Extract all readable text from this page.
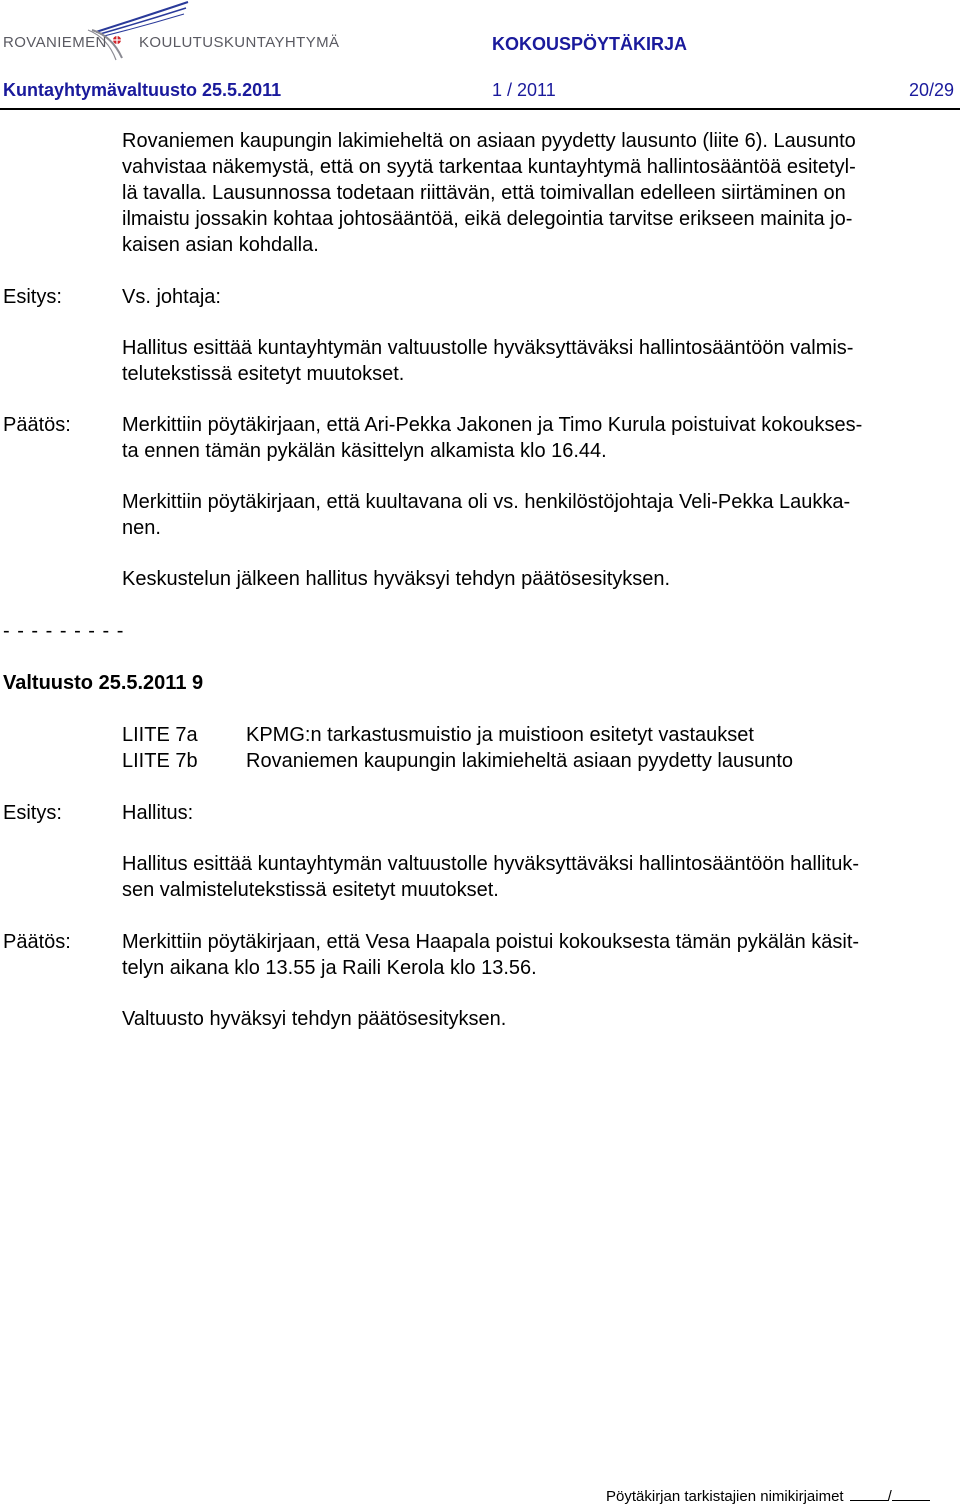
ROVANIEMEN KOULUTUSKUNTAYHTYMÄ	KOKOUSPÖYTÄKIRJA
Kuntayhtymävaltuusto 25.5.2011	1 / 2011	20/29
Rovaniemen kaupungin lakimieheltä on asiaan pyydetty lausunto (liite 6). Lausunto
vahvistaa näkemystä, että on syytä tarkentaa kuntayhtymä hallintosääntöä esitetyl-
lä tavalla. Lausunnossa todetaan riittävän, että toimivallan edelleen siirtäminen on
ilmaistu jossakin kohtaa johtosääntöä, eikä delegointia tarvitse erikseen mainita jo-
kaisen asian kohdalla.
Esitys:	Vs. johtaja:
Hallitus esittää kuntayhtymän valtuustolle hyväksyttäväksi hallintosääntöön valmis-
telutekstissä esitetyt muutokset.
Päätös:	Merkittiin pöytäkirjaan, että Ari-Pekka Jakonen ja Timo Kurula poistuivat kokoukses-
ta ennen tämän pykälän käsittelyn alkamista klo 16.44.
Merkittiin pöytäkirjaan, että kuultavana oli vs. henkilöstöjohtaja Veli-Pekka Laukka-
nen.
Keskustelun jälkeen hallitus hyväksyi tehdyn päätösesityksen.
- - - - - - - - -
Valtuusto 25.5.2011 9
LIITE 7a KPMG:n tarkastusmuistio ja muistioon esitetyt vastaukset
LIITE 7b Rovaniemen kaupungin lakimieheltä asiaan pyydetty lausunto
Esitys:	Hallitus:
Hallitus esittää kuntayhtymän valtuustolle hyväksyttäväksi hallintosääntöön hallituk-
sen valmistelutekstissä esitetyt muutokset.
Päätös:	Merkittiin pöytäkirjaan, että Vesa Haapala poistui kokouksesta tämän pykälän käsit-
telyn aikana klo 13.55 ja Raili Kerola klo 13.56.
Valtuusto hyväksyi tehdyn päätösesityksen.
Pöytäkirjan tarkistajien nimikirjaimet	/
